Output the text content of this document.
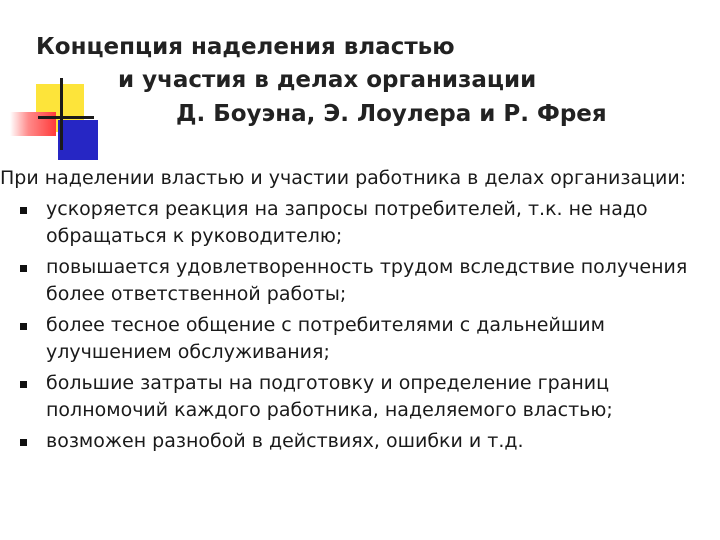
Концепция наделения властью
и участия в делах организации
Д. Боуэна, Э. Лоулера и Р. Фрея

При наделении властью и участии работника в делах организации:

ускоряется реакция на запросы потребителей, т.к. не надо обращаться к руководителю;
повышается удовлетворенность трудом вследствие получения более ответственной работы;
более тесное общение с потребителями с дальнейшим улучшением обслуживания;
большие затраты на подготовку и определение границ полномочий каждого работника, наделяемого властью;
возможен разнобой в действиях, ошибки и т.д.
